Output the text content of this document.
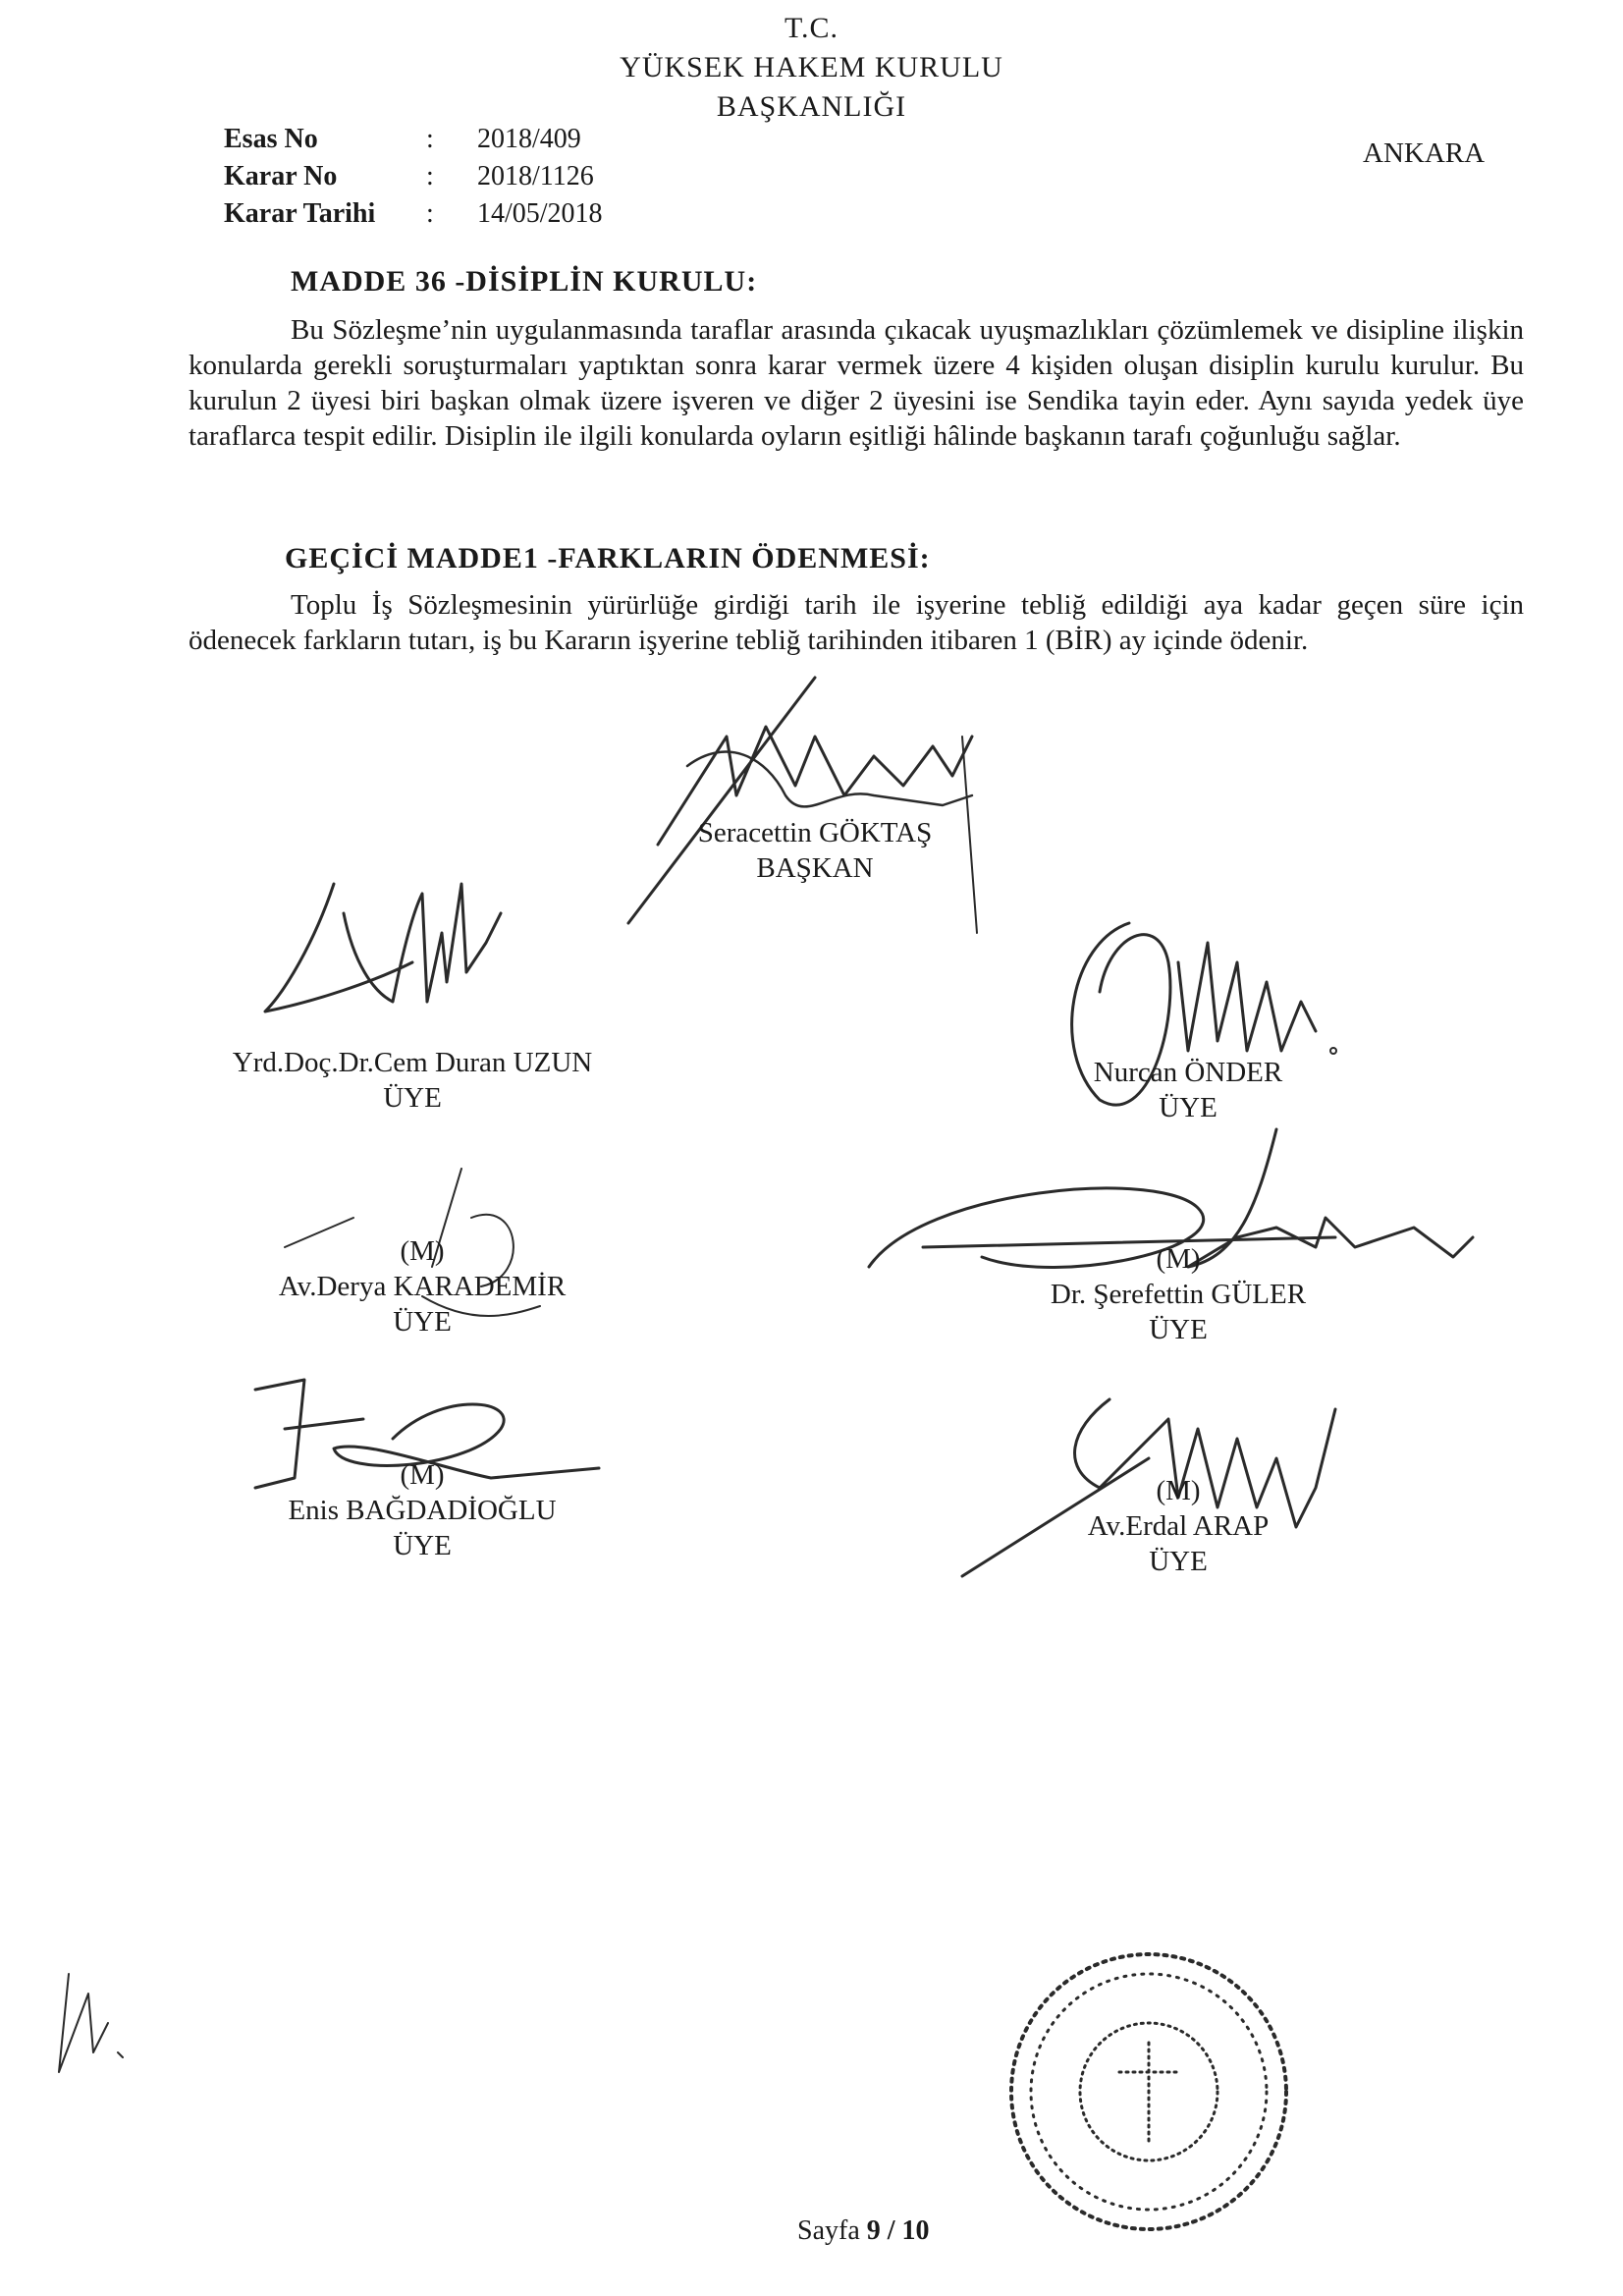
T.C.
YÜKSEK HAKEM KURULU
BAŞKANLIĞI
ANKARA
Esas No	: 2018/409
Karar No	: 2018/1126
Karar Tarihi	: 14/05/2018
MADDE 36 -DİSİPLİN KURULU:

Bu Sözleşme’nin uygulanmasında taraflar arasında çıkacak uyuşmazlıkları çözümlemek ve disipline ilişkin konularda gerekli soruşturmaları yaptıktan sonra karar vermek üzere 4 kişiden oluşan disiplin kurulu kurulur. Bu kurulun 2 üyesi biri başkan olmak üzere işveren ve diğer 2 üyesini ise Sendika tayin eder. Aynı sayıda yedek üye taraflarca tespit edilir. Disiplin ile ilgili konularda oyların eşitliği hâlinde başkanın tarafı çoğunluğu sağlar.

GEÇİCİ MADDE1 -FARKLARIN ÖDENMESİ:

Toplu İş Sözleşmesinin yürürlüğe girdiği tarih ile işyerine tebliğ edildiği aya kadar geçen süre için ödenecek farkların tutarı, iş bu Kararın işyerine tebliğ tarihinden itibaren 1 (BİR) ay içinde ödenir.

Seracettin GÖKTAŞ
BAŞKAN
Yrd.Doç.Dr.Cem Duran UZUN
ÜYE
Nurcan ÖNDER
ÜYE
(M)
Av.Derya KARADEMİR
ÜYE
(M)
Dr. Şerefettin GÜLER
ÜYE
(M)
Enis BAĞDADİOĞLU
ÜYE
(M)
Av.Erdal ARAP
ÜYE
Sayfa 9 / 10
